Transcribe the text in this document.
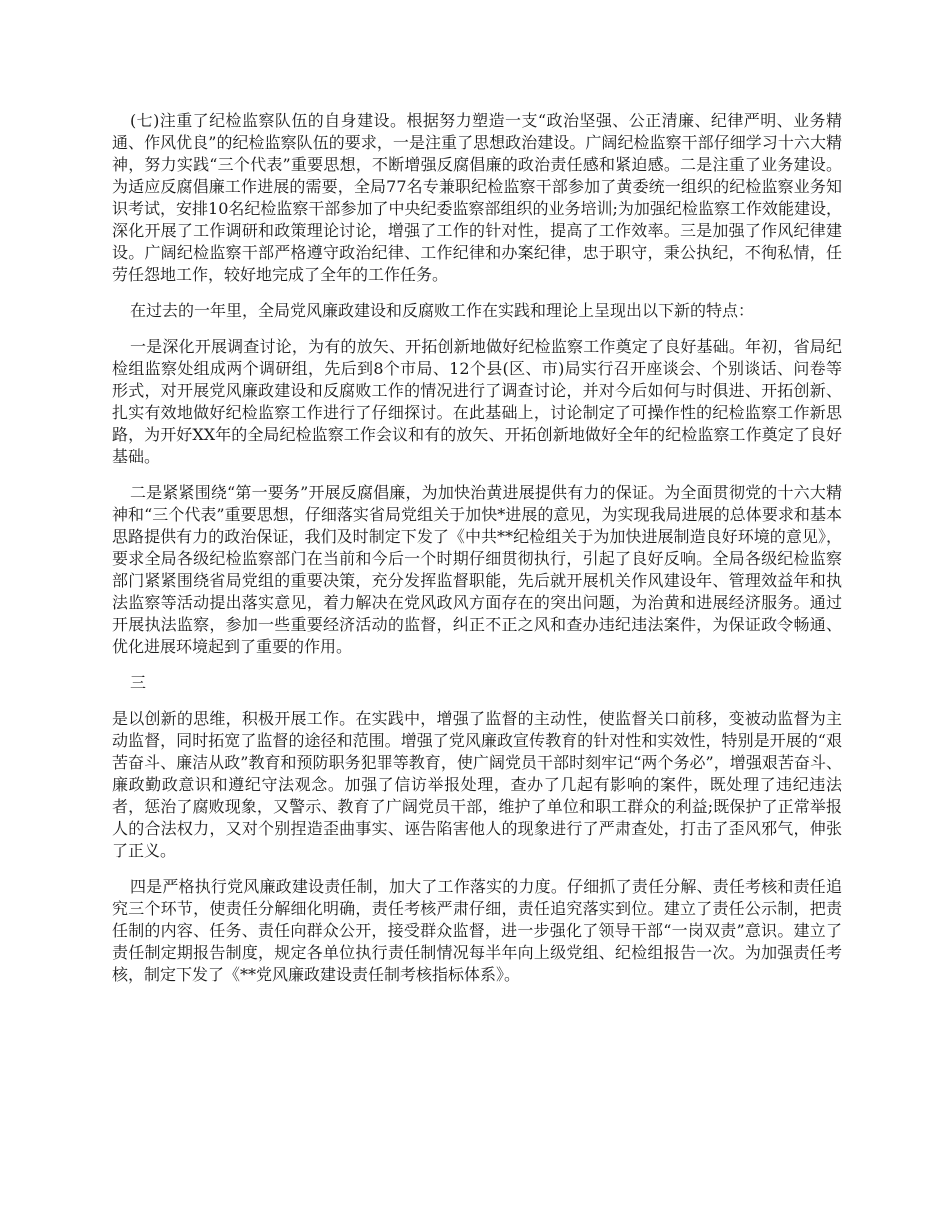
(七)注重了纪检监察队伍的自身建设。根据努力塑造一支“政治坚强、公正清廉、纪律严明、业务精通、作风优良”的纪检监察队伍的要求，一是注重了思想政治建设。广阔纪检监察干部仔细学习十六大精神，努力实践“三个代表”重要思想，不断增强反腐倡廉的政治责任感和紧迫感。二是注重了业务建设。为适应反腐倡廉工作进展的需要，全局77名专兼职纪检监察干部参加了黄委统一组织的纪检监察业务知识考试，安排10名纪检监察干部参加了中央纪委监察部组织的业务培训;为加强纪检监察工作效能建设，深化开展了工作调研和政策理论讨论，增强了工作的针对性，提高了工作效率。三是加强了作风纪律建设。广阔纪检监察干部严格遵守政治纪律、工作纪律和办案纪律，忠于职守，秉公执纪，不徇私情，任劳任怨地工作，较好地完成了全年的工作任务。

在过去的一年里，全局党风廉政建设和反腐败工作在实践和理论上呈现出以下新的特点：

一是深化开展调查讨论，为有的放矢、开拓创新地做好纪检监察工作奠定了良好基础。年初，省局纪检组监察处组成两个调研组，先后到8个市局、12个县(区、市)局实行召开座谈会、个别谈话、问卷等形式，对开展党风廉政建设和反腐败工作的情况进行了调查讨论，并对今后如何与时俱进、开拓创新、扎实有效地做好纪检监察工作进行了仔细探讨。在此基础上，讨论制定了可操作性的纪检监察工作新思路，为开好XX年的全局纪检监察工作会议和有的放矢、开拓创新地做好全年的纪检监察工作奠定了良好基础。

二是紧紧围绕“第一要务”开展反腐倡廉，为加快治黄进展提供有力的保证。为全面贯彻党的十六大精神和“三个代表”重要思想，仔细落实省局党组关于加快*进展的意见，为实现我局进展的总体要求和基本思路提供有力的政治保证，我们及时制定下发了《中共**纪检组关于为加快进展制造良好环境的意见》，要求全局各级纪检监察部门在当前和今后一个时期仔细贯彻执行，引起了良好反响。全局各级纪检监察部门紧紧围绕省局党组的重要决策，充分发挥监督职能，先后就开展机关作风建设年、管理效益年和执法监察等活动提出落实意见，着力解决在党风政风方面存在的突出问题，为治黄和进展经济服务。通过开展执法监察，参加一些重要经济活动的监督，纠正不正之风和查办违纪违法案件，为保证政令畅通、优化进展环境起到了重要的作用。

三

是以创新的思维，积极开展工作。在实践中，增强了监督的主动性，使监督关口前移，变被动监督为主动监督，同时拓宽了监督的途径和范围。增强了党风廉政宣传教育的针对性和实效性，特别是开展的“艰苦奋斗、廉洁从政”教育和预防职务犯罪等教育，使广阔党员干部时刻牢记“两个务必”，增强艰苦奋斗、廉政勤政意识和遵纪守法观念。加强了信访举报处理，查办了几起有影响的案件，既处理了违纪违法者，惩治了腐败现象，又警示、教育了广阔党员干部，维护了单位和职工群众的利益;既保护了正常举报人的合法权力，又对个别捏造歪曲事实、诬告陷害他人的现象进行了严肃查处，打击了歪风邪气，伸张了正义。

四是严格执行党风廉政建设责任制，加大了工作落实的力度。仔细抓了责任分解、责任考核和责任追究三个环节，使责任分解细化明确，责任考核严肃仔细，责任追究落实到位。建立了责任公示制，把责任制的内容、任务、责任向群众公开，接受群众监督，进一步强化了领导干部“一岗双责”意识。建立了责任制定期报告制度，规定各单位执行责任制情况每半年向上级党组、纪检组报告一次。为加强责任考核，制定下发了《**党风廉政建设责任制考核指标体系》。
